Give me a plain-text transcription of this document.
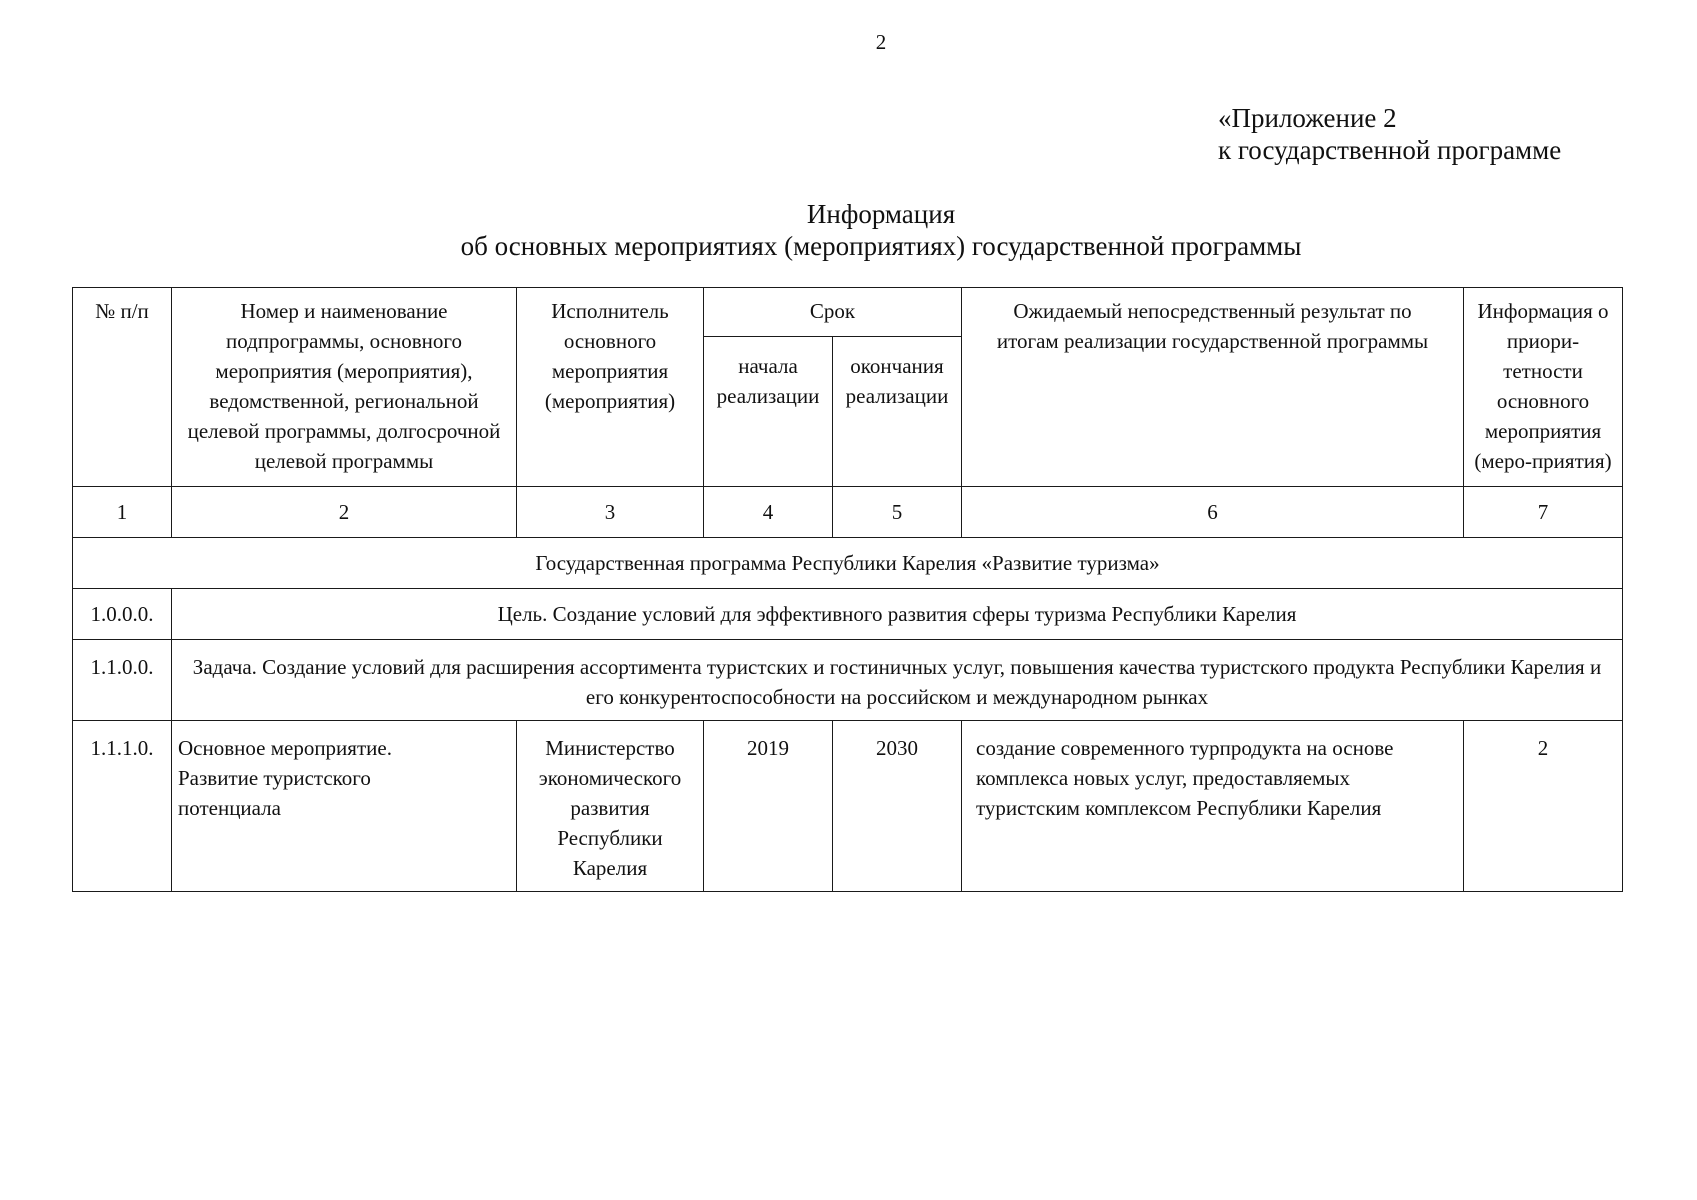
2
«Приложение 2
к государственной программе
Информация
об основных мероприятиях (мероприятиях) государственной программы
№ п/п	Номер и наименование подпрограммы, основного мероприятия (мероприятия), ведомственной, региональной целевой программы, долгосрочной целевой программы	Исполнитель основного мероприятия (мероприятия)	Срок		Ожидаемый непосредственный результат по итогам реализации государственной программы	Информация о приори-тетности основного мероприятия (меро-приятия)
			начала реализации	окончания реализации		
1	2	3	4	5	6	7
Государственная программа Республики Карелия «Развитие туризма»						
1.0.0.0.	Цель. Создание условий для эффективного развития сферы туризма Республики Карелия					
1.1.0.0.	Задача. Создание условий для расширения ассортимента туристских и гостиничных услуг, повышения качества туристского продукта Республики Карелия и его конкурентоспособности на российском и международном рынках					
1.1.1.0.	Основное мероприятие. Развитие туристского потенциала	Министерство экономического развития Республики Карелия	2019	2030	создание современного турпродукта на основе комплекса новых услуг, предоставляемых туристским комплексом Республики Карелия	2
